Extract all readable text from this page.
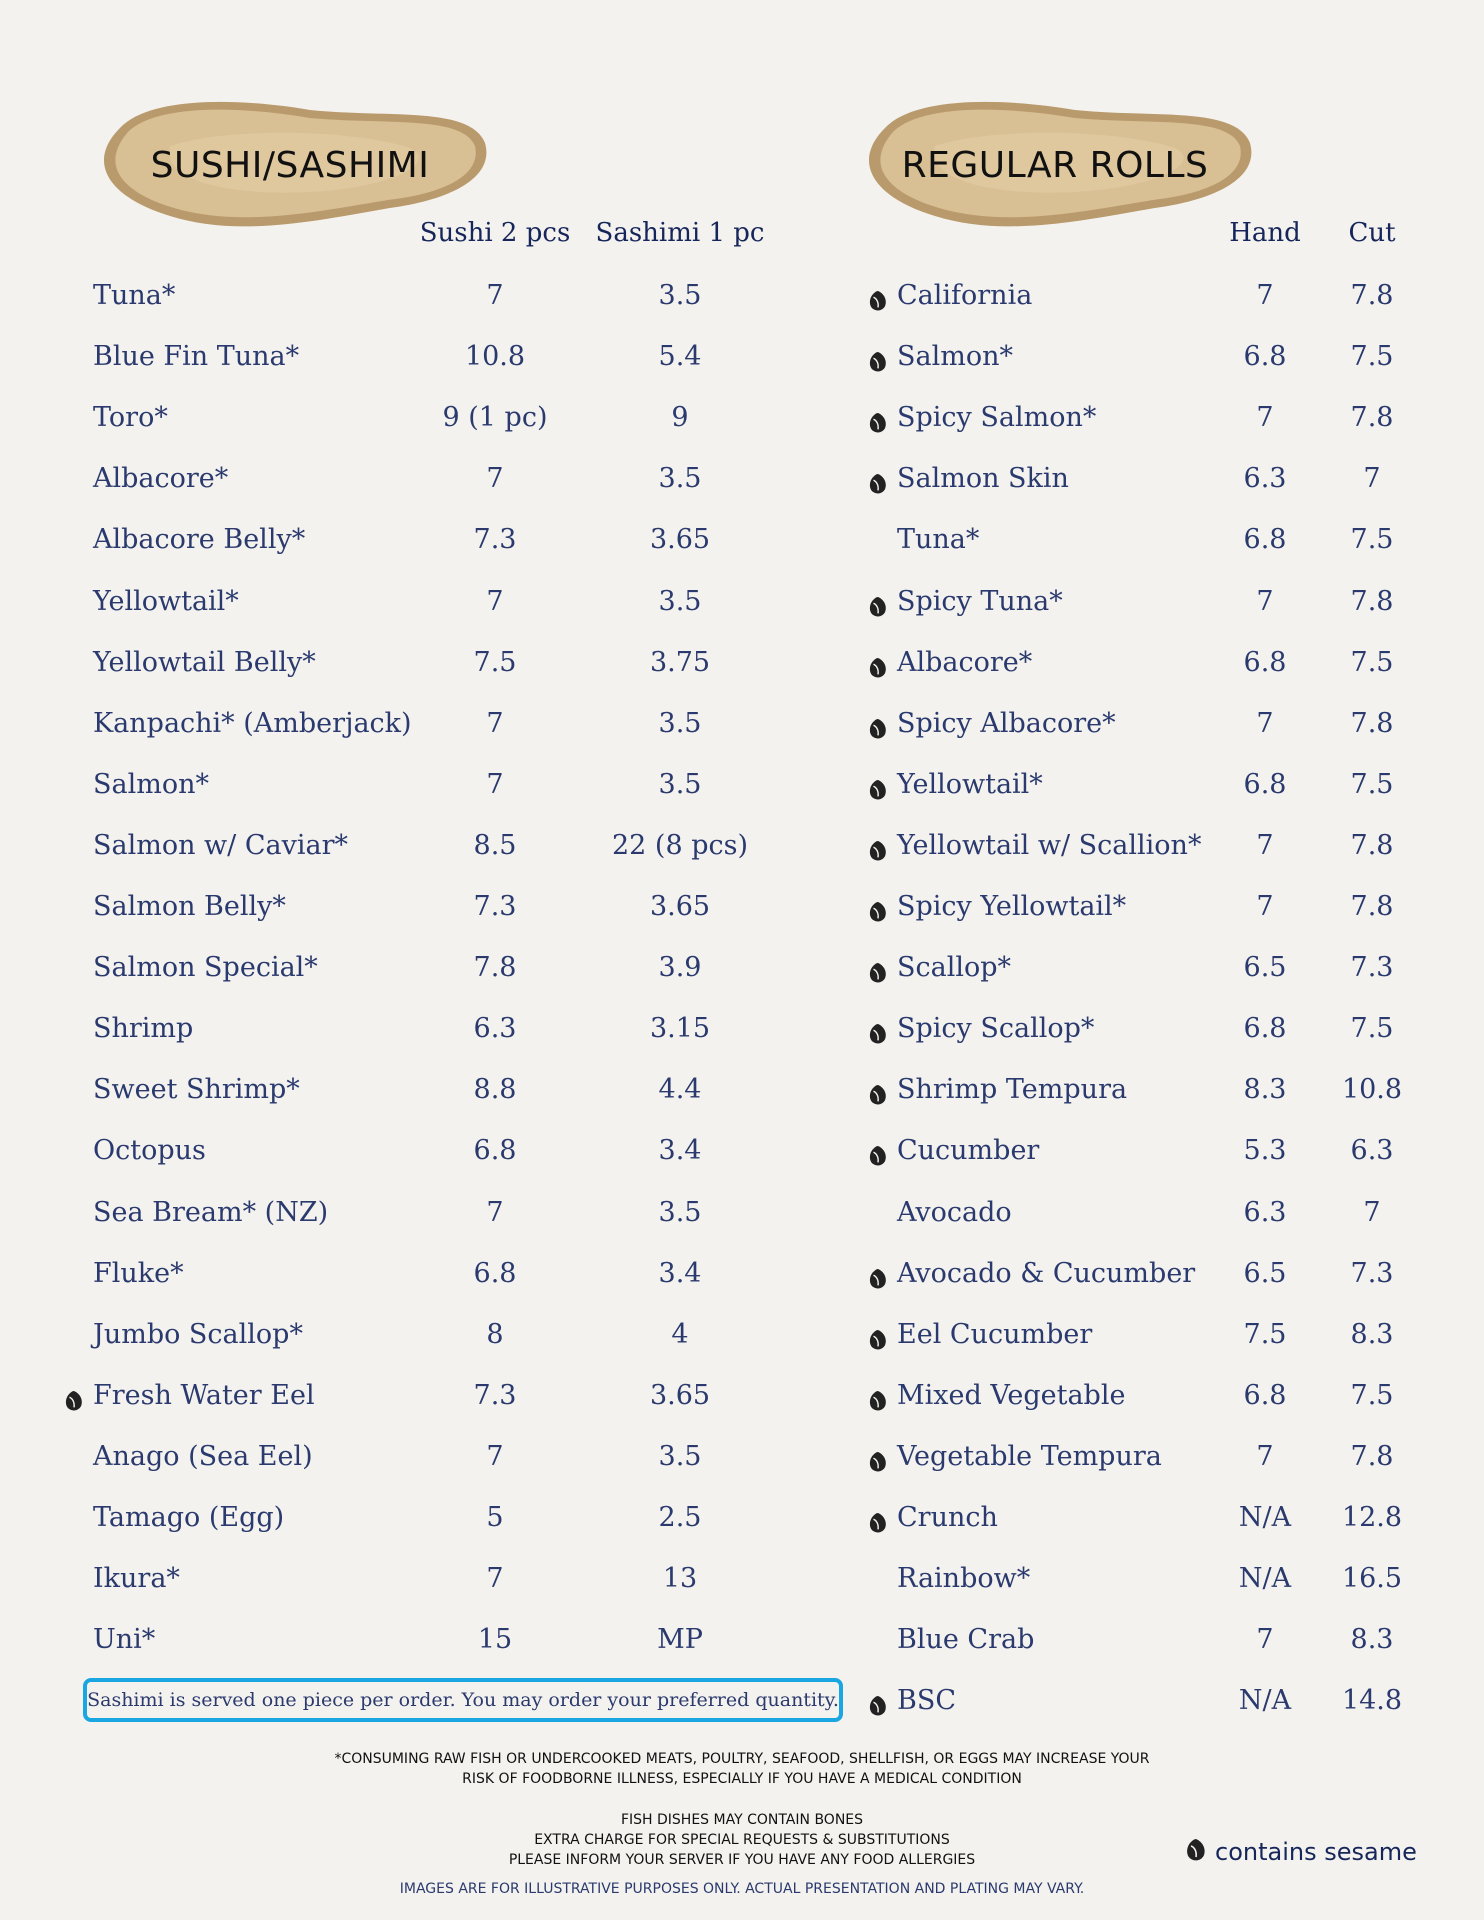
SUSHI/SASHIMI
Sushi 2 pcs Sashimi 1 pc
Tuna*	7	3.5
Blue Fin Tuna*	10.8	5.4
Toro*	9 (1 pc)	9
Albacore*	7	3.5
Albacore Belly*	7.3	3.65
Yellowtail*	7	3.5
Yellowtail Belly*	7.5	3.75
Kanpachi* (Amberjack)	7	3.5
Salmon*	7	3.5
Salmon w/ Caviar*	8.5	22 (8 pcs)
Salmon Belly*	7.3	3.65
Salmon Special*	7.8	3.9
Shrimp	6.3	3.15
Sweet Shrimp*	8.8	4.4
Octopus	6.8	3.4
Sea Bream* (NZ)	7	3.5
Fluke*	6.8	3.4
Jumbo Scallop*	8	4
Fresh Water Eel	7.3	3.65
Anago (Sea Eel)	7	3.5
Tamago (Egg)	5	2.5
Ikura*	7	13
Uni*	15	MP
Sashimi is served one piece per order. You may order your preferred quantity.
REGULAR ROLLS
Hand	Cut
California	7	7.8
Salmon*	6.8	7.5
Spicy Salmon*	7	7.8
Salmon Skin	6.3	7
Tuna*	6.8	7.5
Spicy Tuna*	7	7.8
Albacore*	6.8	7.5
Spicy Albacore*	7	7.8
Yellowtail*	6.8	7.5
Yellowtail w/ Scallion*	7	7.8
Spicy Yellowtail*	7	7.8
Scallop*	6.5	7.3
Spicy Scallop*	6.8	7.5
Shrimp Tempura	8.3	10.8
Cucumber	5.3	6.3
Avocado	6.3	7
Avocado & Cucumber	6.5	7.3
Eel Cucumber	7.5	8.3
Mixed Vegetable	6.8	7.5
Vegetable Tempura	7	7.8
Crunch	N/A	12.8
Rainbow*	N/A	16.5
Blue Crab	7	8.3
BSC	N/A	14.8
*CONSUMING RAW FISH OR UNDERCOOKED MEATS, POULTRY, SEAFOOD, SHELLFISH, OR EGGS MAY INCREASE YOUR
RISK OF FOODBORNE ILLNESS, ESPECIALLY IF YOU HAVE A MEDICAL CONDITION
FISH DISHES MAY CONTAIN BONES
EXTRA CHARGE FOR SPECIAL REQUESTS & SUBSTITUTIONS
PLEASE INFORM YOUR SERVER IF YOU HAVE ANY FOOD ALLERGIES
IMAGES ARE FOR ILLUSTRATIVE PURPOSES ONLY. ACTUAL PRESENTATION AND PLATING MAY VARY.
contains sesame
